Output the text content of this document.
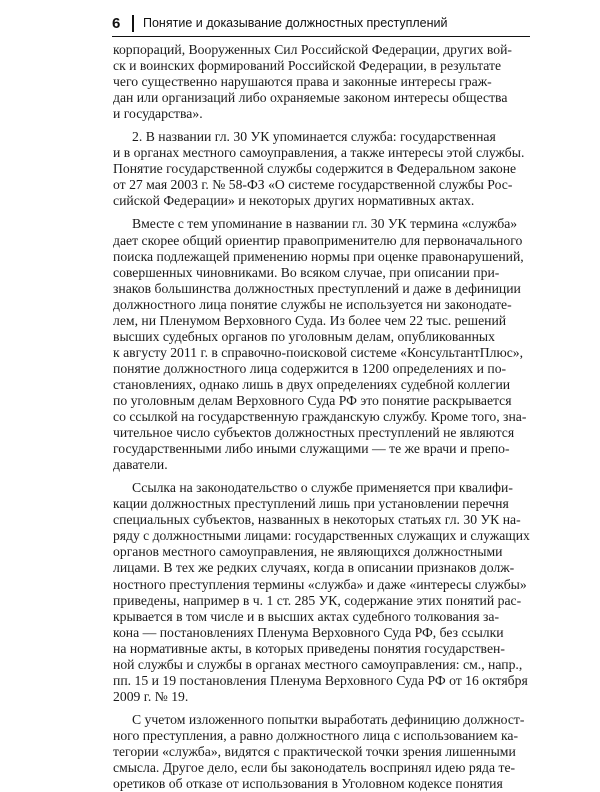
6 Понятие и доказывание должностных преступлений
корпораций, Вооруженных Сил Российской Федерации, других вой-
ск и воинских формирований Российской Федерации, в результате
чего существенно нарушаются права и законные интересы граж-
дан или организаций либо охраняемые законом интересы общества
и государства».
2. В названии гл. 30 УК упоминается служба: государственная
и в органах местного самоуправления, а также интересы этой службы.
Понятие государственной службы содержится в Федеральном законе
от 27 мая 2003 г. № 58-ФЗ «О системе государственной службы Рос-
сийской Федерации» и некоторых других нормативных актах.
Вместе с тем упоминание в названии гл. 30 УК термина «служба»
дает скорее общий ориентир правоприменителю для первоначального
поиска подлежащей применению нормы при оценке правонарушений,
совершенных чиновниками. Во всяком случае, при описании при-
знаков большинства должностных преступлений и даже в дефиниции
должностного лица понятие службы не используется ни законодате-
лем, ни Пленумом Верховного Суда. Из более чем 22 тыс. решений
высших судебных органов по уголовным делам, опубликованных
к августу 2011 г. в справочно-поисковой системе «КонсультантПлюс»,
понятие должностного лица содержится в 1200 определениях и по-
становлениях, однако лишь в двух определениях судебной коллегии
по уголовным делам Верховного Суда РФ это понятие раскрывается
со ссылкой на государственную гражданскую службу. Кроме того, зна-
чительное число субъектов должностных преступлений не являются
государственными либо иными служащими — те же врачи и препо-
даватели.
Ссылка на законодательство о службе применяется при квалифи-
кации должностных преступлений лишь при установлении перечня
специальных субъектов, названных в некоторых статьях гл. 30 УК на-
ряду с должностными лицами: государственных служащих и служащих
органов местного самоуправления, не являющихся должностными
лицами. В тех же редких случаях, когда в описании признаков долж-
ностного преступления термины «служба» и даже «интересы службы»
приведены, например в ч. 1 ст. 285 УК, содержание этих понятий рас-
крывается в том числе и в высших актах судебного толкования за-
кона — постановлениях Пленума Верховного Суда РФ, без ссылки
на нормативные акты, в которых приведены понятия государствен-
ной службы и службы в органах местного самоуправления: см., напр.,
пп. 15 и 19 постановления Пленума Верховного Суда РФ от 16 октября
2009 г. № 19.
С учетом изложенного попытки выработать дефиницию должност-
ного преступления, а равно должностного лица с использованием ка-
тегории «служба», видятся с практической точки зрения лишенными
смысла. Другое дело, если бы законодатель воспринял идею ряда те-
оретиков об отказе от использования в Уголовном кодексе понятия
